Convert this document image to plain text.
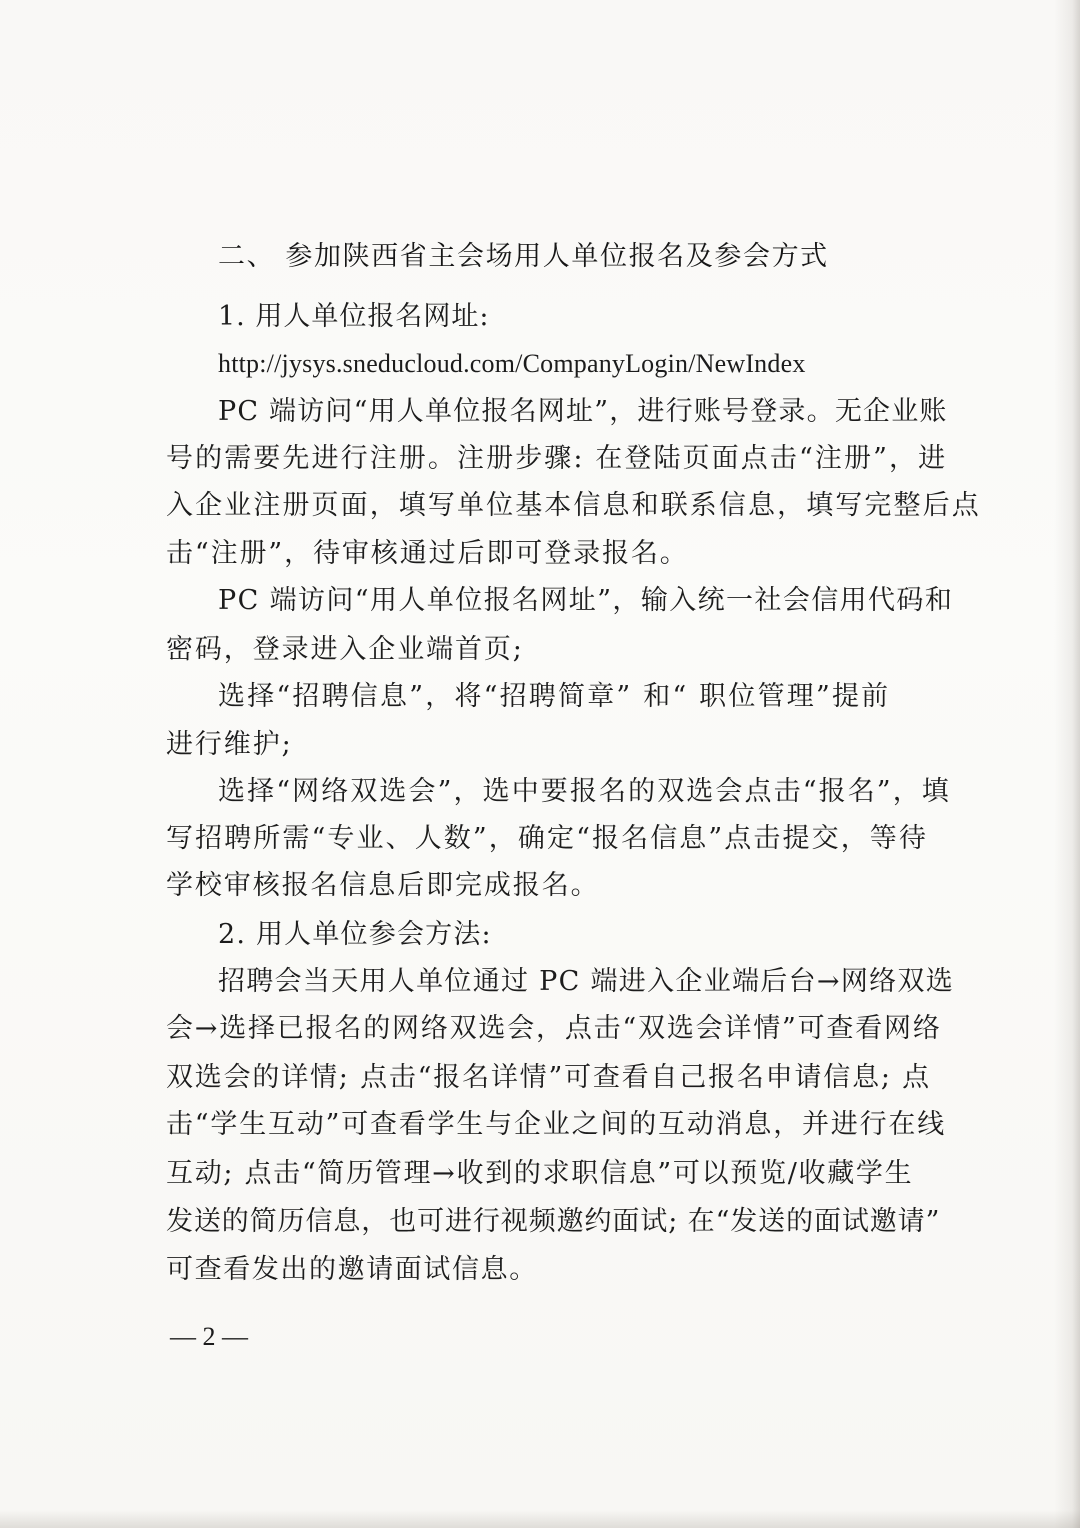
二、 参加陕西省主会场用人单位报名及参会方式
1. 用人单位报名网址:
http://jysys.sneducloud.com/CompanyLogin/NewIndex
PC 端访问“用人单位报名网址”，进行账号登录。无企业账
号的需要先进行注册。注册步骤: 在登陆页面点击“注册”，进
入企业注册页面，填写单位基本信息和联系信息，填写完整后点
击“注册”，待审核通过后即可登录报名。
PC 端访问“用人单位报名网址”，输入统一社会信用代码和
密码，登录进入企业端首页;
选择“招聘信息”，将“招聘简章” 和“ 职位管理”提前
进行维护;
选择“网络双选会”，选中要报名的双选会点击“报名”，填
写招聘所需“专业、人数”，确定“报名信息”点击提交，等待
学校审核报名信息后即完成报名。
2. 用人单位参会方法:
招聘会当天用人单位通过 PC 端进入企业端后台→网络双选
会→选择已报名的网络双选会，点击“双选会详情”可查看网络
双选会的详情; 点击“报名详情”可查看自己报名申请信息; 点
击“学生互动”可查看学生与企业之间的互动消息，并进行在线
互动; 点击“简历管理→收到的求职信息”可以预览/收藏学生
发送的简历信息，也可进行视频邀约面试; 在“发送的面试邀请”
可查看发出的邀请面试信息。
— 2 —
